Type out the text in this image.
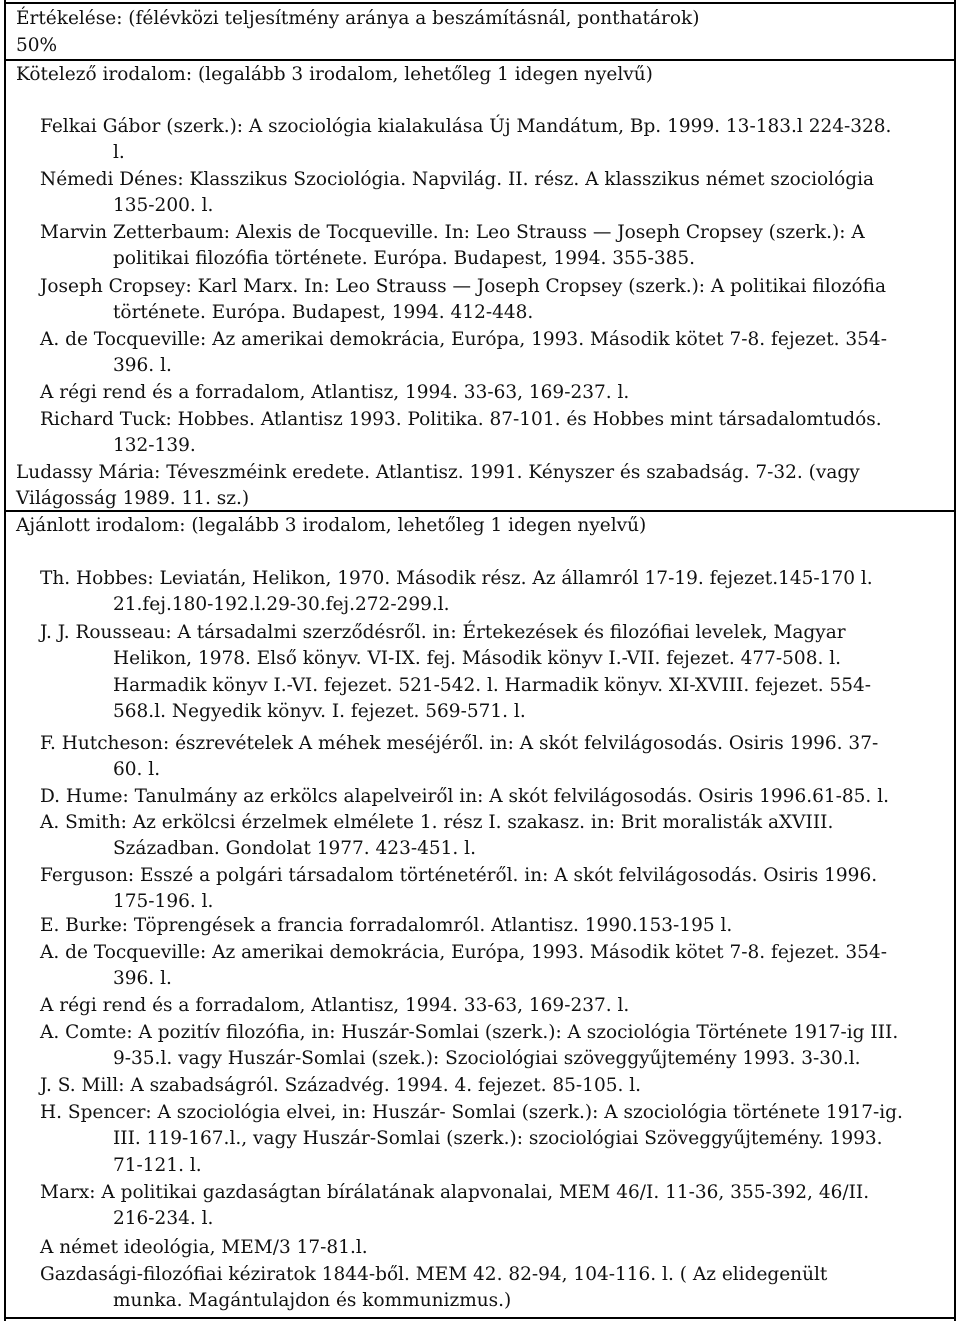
Értékelése: (félévközi teljesítmény aránya a beszámításnál, ponthatárok)
50%
Kötelező irodalom: (legalább 3 irodalom, lehetőleg 1 idegen nyelvű)
Felkai Gábor (szerk.): A szociológia kialakulása Új Mandátum, Bp. 1999. 13-183.l 224-328.
l.
Némedi Dénes: Klasszikus Szociológia. Napvilág. II. rész. A klasszikus német szociológia
135-200. l.
Marvin Zetterbaum: Alexis de Tocqueville. In: Leo Strauss — Joseph Cropsey (szerk.): A
politikai filozófia története. Európa. Budapest, 1994. 355-385.
Joseph Cropsey: Karl Marx. In: Leo Strauss — Joseph Cropsey (szerk.): A politikai filozófia
története. Európa. Budapest, 1994. 412-448.
A. de Tocqueville: Az amerikai demokrácia, Európa, 1993. Második kötet 7-8. fejezet. 354-
396. l.
A régi rend és a forradalom, Atlantisz, 1994. 33-63, 169-237. l.
Richard Tuck: Hobbes. Atlantisz 1993. Politika. 87-101. és Hobbes mint társadalomtudós.
132-139.
Ludassy Mária: Téveszméink eredete. Atlantisz. 1991. Kényszer és szabadság. 7-32. (vagy
Világosság 1989. 11. sz.)
Ajánlott irodalom: (legalább 3 irodalom, lehetőleg 1 idegen nyelvű)
Th. Hobbes: Leviatán, Helikon, 1970. Második rész. Az államról 17-19. fejezet.145-170 l.
21.fej.180-192.l.29-30.fej.272-299.l.
J. J. Rousseau: A társadalmi szerződésről. in: Értekezések és filozófiai levelek, Magyar
Helikon, 1978. Első könyv. VI-IX. fej. Második könyv I.-VII. fejezet. 477-508. l.
Harmadik könyv I.-VI. fejezet. 521-542. l. Harmadik könyv. XI-XVIII. fejezet. 554-
568.l. Negyedik könyv. I. fejezet. 569-571. l.
F. Hutcheson: észrevételek A méhek meséjéről. in: A skót felvilágosodás. Osiris 1996. 37-
60. l.
D. Hume: Tanulmány az erkölcs alapelveiről in: A skót felvilágosodás. Osiris 1996.61-85. l.
A. Smith: Az erkölcsi érzelmek elmélete 1. rész I. szakasz. in: Brit moralisták aXVIII.
Században. Gondolat 1977. 423-451. l.
Ferguson: Esszé a polgári társadalom történetéről. in: A skót felvilágosodás. Osiris 1996.
175-196. l.
E. Burke: Töprengések a francia forradalomról. Atlantisz. 1990.153-195 l.
A. de Tocqueville: Az amerikai demokrácia, Európa, 1993. Második kötet 7-8. fejezet. 354-
396. l.
A régi rend és a forradalom, Atlantisz, 1994. 33-63, 169-237. l.
A. Comte: A pozitív filozófia, in: Huszár-Somlai (szerk.): A szociológia Története 1917-ig III.
9-35.l. vagy Huszár-Somlai (szek.): Szociológiai szöveggyűjtemény 1993. 3-30.l.
J. S. Mill: A szabadságról. Századvég. 1994. 4. fejezet. 85-105. l.
H. Spencer: A szociológia elvei, in: Huszár- Somlai (szerk.): A szociológia története 1917-ig.
III. 119-167.l., vagy Huszár-Somlai (szerk.): szociológiai Szöveggyűjtemény. 1993.
71-121. l.
Marx: A politikai gazdaságtan bírálatának alapvonalai, MEM 46/I. 11-36, 355-392, 46/II.
216-234. l.
A német ideológia, MEM/3 17-81.l.
Gazdasági-filozófiai kéziratok 1844-ből. MEM 42. 82-94, 104-116. l. ( Az elidegenült
munka. Magántulajdon és kommunizmus.)
